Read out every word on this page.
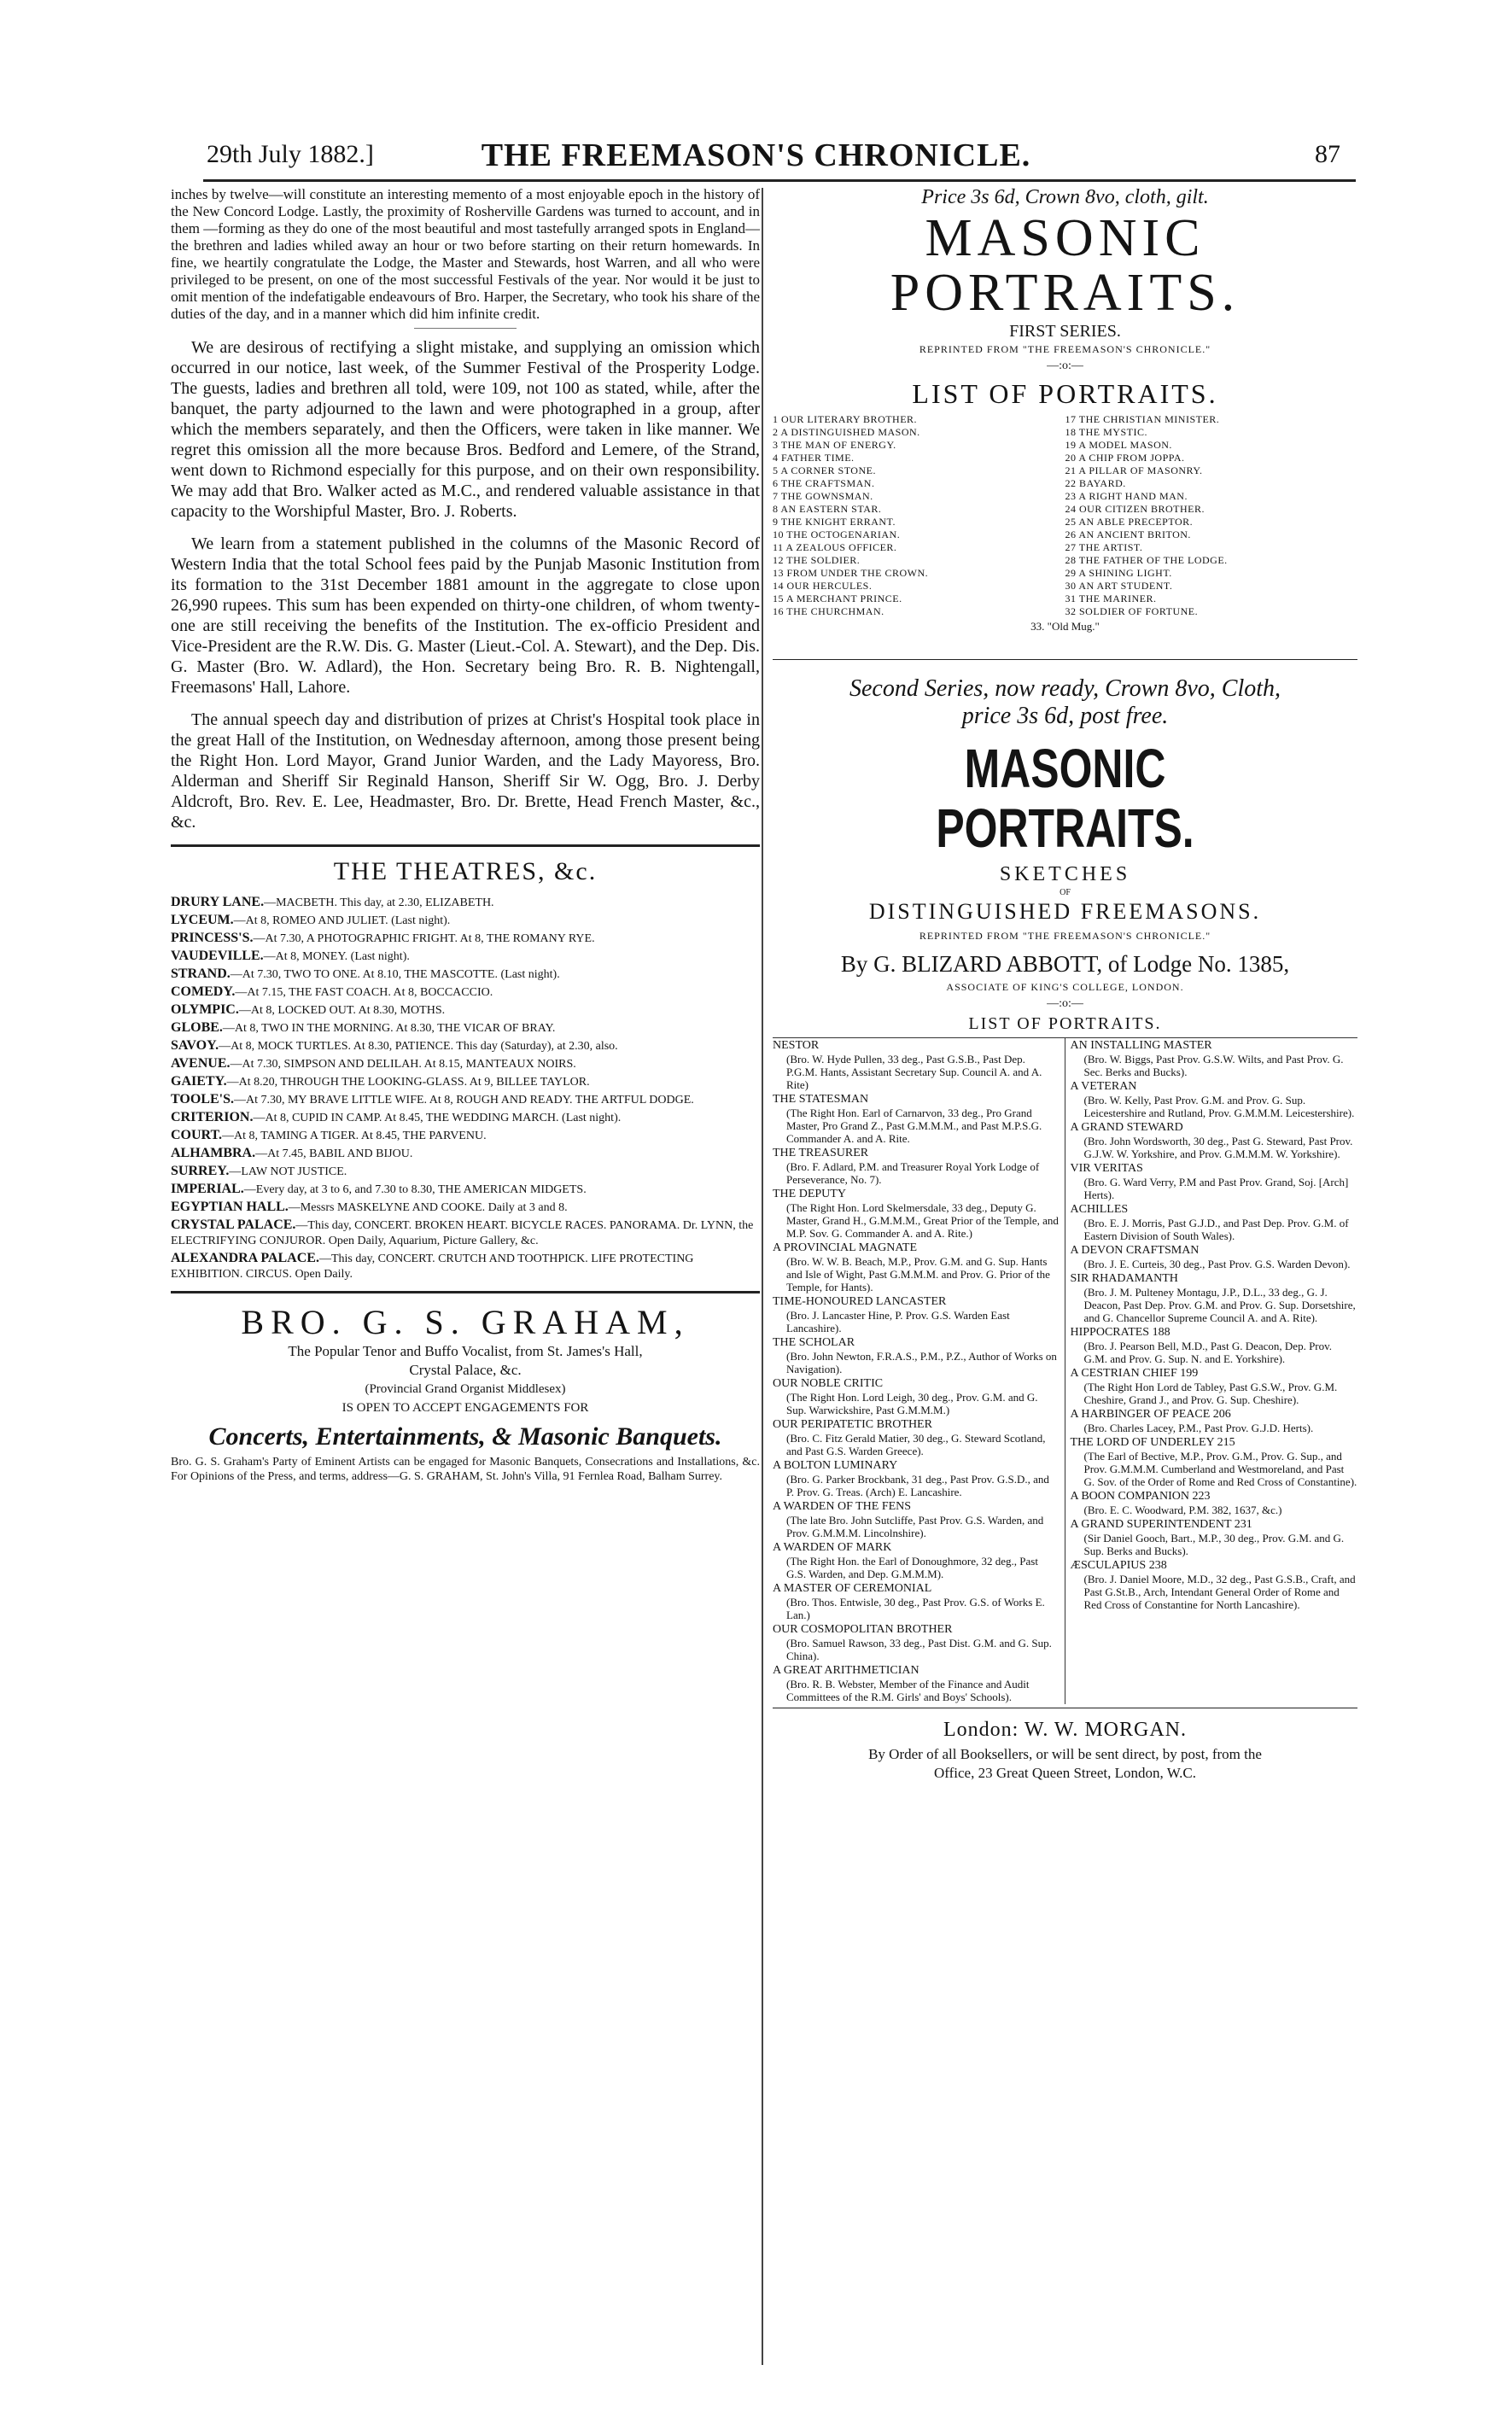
29th July 1882.]	THE FREEMASON'S CHRONICLE.	87

inches by twelve—will constitute an interesting memento of a most enjoyable epoch in the history of the New Concord Lodge. Lastly, the proximity of Rosherville Gardens was turned to account, and in them —forming as they do one of the most beautiful and most tastefully arranged spots in England—the brethren and ladies whiled away an hour or two before starting on their return homewards. In fine, we heartily congratulate the Lodge, the Master and Stewards, host Warren, and all who were privileged to be present, on one of the most successful Festivals of the year. Nor would it be just to omit mention of the indefatigable endeavours of Bro. Harper, the Secretary, who took his share of the duties of the day, and in a manner which did him infinite credit.

We are desirous of rectifying a slight mistake, and supplying an omission which occurred in our notice, last week, of the Summer Festival of the Prosperity Lodge. The guests, ladies and brethren all told, were 109, not 100 as stated, while, after the banquet, the party adjourned to the lawn and were photographed in a group, after which the members separately, and then the Officers, were taken in like manner. We regret this omission all the more because Bros. Bedford and Lemere, of the Strand, went down to Richmond especially for this purpose, and on their own responsibility. We may add that Bro. Walker acted as M.C., and rendered valuable assistance in that capacity to the Worshipful Master, Bro. J. Roberts.

We learn from a statement published in the columns of the Masonic Record of Western India that the total School fees paid by the Punjab Masonic Institution from its formation to the 31st December 1881 amount in the aggregate to close upon 26,990 rupees. This sum has been expended on thirty-one children, of whom twenty-one are still receiving the benefits of the Institution. The ex-officio President and Vice-President are the R.W. Dis. G. Master (Lieut.-Col. A. Stewart), and the Dep. Dis. G. Master (Bro. W. Adlard), the Hon. Secretary being Bro. R. B. Nightengall, Freemasons' Hall, Lahore.

The annual speech day and distribution of prizes at Christ's Hospital took place in the great Hall of the Institution, on Wednesday afternoon, among those present being the Right Hon. Lord Mayor, Grand Junior Warden, and the Lady Mayoress, Bro. Alderman and Sheriff Sir Reginald Hanson, Sheriff Sir W. Ogg, Bro. J. Derby Aldcroft, Bro. Rev. E. Lee, Headmaster, Bro. Dr. Brette, Head French Master, &c., &c.

THE THEATRES, &c.

DRURY LANE.—MACBETH. This day, at 2.30, ELIZABETH.

LYCEUM.—At 8, ROMEO AND JULIET. (Last night).

PRINCESS'S.—At 7.30, A PHOTOGRAPHIC FRIGHT. At 8, THE ROMANY RYE.

VAUDEVILLE.—At 8, MONEY. (Last night).

STRAND.—At 7.30, TWO TO ONE. At 8.10, THE MASCOTTE. (Last night).

COMEDY.—At 7.15, THE FAST COACH. At 8, BOCCACCIO.

OLYMPIC.—At 8, LOCKED OUT. At 8.30, MOTHS.

GLOBE.—At 8, TWO IN THE MORNING. At 8.30, THE VICAR OF BRAY.

SAVOY.—At 8, MOCK TURTLES. At 8.30, PATIENCE. This day (Saturday), at 2.30, also.

AVENUE.—At 7.30, SIMPSON AND DELILAH. At 8.15, MANTEAUX NOIRS.

GAIETY.—At 8.20, THROUGH THE LOOKING-GLASS. At 9, BILLEE TAYLOR.

TOOLE'S.—At 7.30, MY BRAVE LITTLE WIFE. At 8, ROUGH AND READY. THE ARTFUL DODGE.

CRITERION.—At 8, CUPID IN CAMP. At 8.45, THE WEDDING MARCH. (Last night).

COURT.—At 8, TAMING A TIGER. At 8.45, THE PARVENU.

ALHAMBRA.—At 7.45, BABIL AND BIJOU.

SURREY.—LAW NOT JUSTICE.

IMPERIAL.—Every day, at 3 to 6, and 7.30 to 8.30, THE AMERICAN MIDGETS.

EGYPTIAN HALL.—Messrs MASKELYNE AND COOKE. Daily at 3 and 8.

CRYSTAL PALACE.—This day, CONCERT. BROKEN HEART. BICYCLE RACES. PANORAMA. Dr. LYNN, the ELECTRIFYING CONJUROR. Open Daily, Aquarium, Picture Gallery, &c.

ALEXANDRA PALACE.—This day, CONCERT. CRUTCH AND TOOTHPICK. LIFE PROTECTING EXHIBITION. CIRCUS. Open Daily.

BRO. G. S. GRAHAM,

The Popular Tenor and Buffo Vocalist, from St. James's Hall,

Crystal Palace, &c.

(Provincial Grand Organist Middlesex)

IS OPEN TO ACCEPT ENGAGEMENTS FOR

Concerts, Entertainments, & Masonic Banquets.

Bro. G. S. Graham's Party of Eminent Artists can be engaged for Masonic Banquets, Consecrations and Installations, &c. For Opinions of the Press, and terms, address—G. S. GRAHAM, St. John's Villa, 91 Fernlea Road, Balham Surrey.

Price 3s 6d, Crown 8vo, cloth, gilt.

MASONIC PORTRAITS.

FIRST SERIES.

REPRINTED FROM "THE FREEMASON'S CHRONICLE."

—:o:—

LIST OF PORTRAITS.

1 OUR LITERARY BROTHER.

2 A DISTINGUISHED MASON.

3 THE MAN OF ENERGY.

4 FATHER TIME.

5 A CORNER STONE.

6 THE CRAFTSMAN.

7 THE GOWNSMAN.

8 AN EASTERN STAR.

9 THE KNIGHT ERRANT.

10 THE OCTOGENARIAN.

11 A ZEALOUS OFFICER.

12 THE SOLDIER.

13 FROM UNDER THE CROWN.

14 OUR HERCULES.

15 A MERCHANT PRINCE.

16 THE CHURCHMAN.

17 THE CHRISTIAN MINISTER.

18 THE MYSTIC.

19 A MODEL MASON.

20 A CHIP FROM JOPPA.

21 A PILLAR OF MASONRY.

22 BAYARD.

23 A RIGHT HAND MAN.

24 OUR CITIZEN BROTHER.

25 AN ABLE PRECEPTOR.

26 AN ANCIENT BRITON.

27 THE ARTIST.

28 THE FATHER OF THE LODGE.

29 A SHINING LIGHT.

30 AN ART STUDENT.

31 THE MARINER.

32 SOLDIER OF FORTUNE.

33. "Old Mug."

Second Series, now ready, Crown 8vo, Cloth,

price 3s 6d, post free.

MASONIC PORTRAITS.

SKETCHES

OF

DISTINGUISHED FREEMASONS.

REPRINTED FROM "THE FREEMASON'S CHRONICLE."

By G. BLIZARD ABBOTT, of Lodge No. 1385,

ASSOCIATE OF KING'S COLLEGE, LONDON.

—:o:—

LIST OF PORTRAITS.

NESTOR

(Bro. W. Hyde Pullen, 33 deg., Past G.S.B., Past Dep. P.G.M. Hants, Assistant Secretary Sup. Council A. and A. Rite)

THE STATESMAN

(The Right Hon. Earl of Carnarvon, 33 deg., Pro Grand Master, Pro Grand Z., Past G.M.M.M., and Past M.P.S.G. Commander A. and A. Rite.

THE TREASURER

(Bro. F. Adlard, P.M. and Treasurer Royal York Lodge of Perseverance, No. 7).

THE DEPUTY

(The Right Hon. Lord Skelmersdale, 33 deg., Deputy G. Master, Grand H., G.M.M.M., Great Prior of the Temple, and M.P. Sov. G. Commander A. and A. Rite.)

A PROVINCIAL MAGNATE

(Bro. W. W. B. Beach, M.P., Prov. G.M. and G. Sup. Hants and Isle of Wight, Past G.M.M.M. and Prov. G. Prior of the Temple, for Hants).

TIME-HONOURED LANCASTER

(Bro. J. Lancaster Hine, P. Prov. G.S. Warden East Lancashire).

THE SCHOLAR

(Bro. John Newton, F.R.A.S., P.M., P.Z., Author of Works on Navigation).

OUR NOBLE CRITIC

(The Right Hon. Lord Leigh, 30 deg., Prov. G.M. and G. Sup. Warwickshire, Past G.M.M.M.)

OUR PERIPATETIC BROTHER

(Bro. C. Fitz Gerald Matier, 30 deg., G. Steward Scotland, and Past G.S. Warden Greece).

A BOLTON LUMINARY

(Bro. G. Parker Brockbank, 31 deg., Past Prov. G.S.D., and P. Prov. G. Treas. (Arch) E. Lancashire.

A WARDEN OF THE FENS

(The late Bro. John Sutcliffe, Past Prov. G.S. Warden, and Prov. G.M.M.M. Lincolnshire).

A WARDEN OF MARK

(The Right Hon. the Earl of Donoughmore, 32 deg., Past G.S. Warden, and Dep. G.M.M.M).

A MASTER OF CEREMONIAL

(Bro. Thos. Entwisle, 30 deg., Past Prov. G.S. of Works E. Lan.)

OUR COSMOPOLITAN BROTHER

(Bro. Samuel Rawson, 33 deg., Past Dist. G.M. and G. Sup. China).

A GREAT ARITHMETICIAN

(Bro. R. B. Webster, Member of the Finance and Audit Committees of the R.M. Girls' and Boys' Schools).

AN INSTALLING MASTER

(Bro. W. Biggs, Past Prov. G.S.W. Wilts, and Past Prov. G. Sec. Berks and Bucks).

A VETERAN

(Bro. W. Kelly, Past Prov. G.M. and Prov. G. Sup. Leicestershire and Rutland, Prov. G.M.M.M. Leicestershire).

A GRAND STEWARD

(Bro. John Wordsworth, 30 deg., Past G. Steward, Past Prov. G.J.W. W. Yorkshire, and Prov. G.M.M.M. W. Yorkshire).

VIR VERITAS

(Bro. G. Ward Verry, P.M and Past Prov. Grand, Soj. [Arch] Herts).

ACHILLES

(Bro. E. J. Morris, Past G.J.D., and Past Dep. Prov. G.M. of Eastern Division of South Wales).

A DEVON CRAFTSMAN

(Bro. J. E. Curteis, 30 deg., Past Prov. G.S. Warden Devon).

SIR RHADAMANTH

(Bro. J. M. Pulteney Montagu, J.P., D.L., 33 deg., G. J. Deacon, Past Dep. Prov. G.M. and Prov. G. Sup. Dorsetshire, and G. Chancellor Supreme Council A. and A. Rite).

HIPPOCRATES 188

(Bro. J. Pearson Bell, M.D., Past G. Deacon, Dep. Prov. G.M. and Prov. G. Sup. N. and E. Yorkshire).

A CESTRIAN CHIEF 199

(The Right Hon Lord de Tabley, Past G.S.W., Prov. G.M. Cheshire, Grand J., and Prov. G. Sup. Cheshire).

A HARBINGER OF PEACE 206

(Bro. Charles Lacey, P.M., Past Prov. G.J.D. Herts).

THE LORD OF UNDERLEY 215

(The Earl of Bective, M.P., Prov. G.M., Prov. G. Sup., and Prov. G.M.M.M. Cumberland and Westmoreland, and Past G. Sov. of the Order of Rome and Red Cross of Constantine).

A BOON COMPANION 223

(Bro. E. C. Woodward, P.M. 382, 1637, &c.)

A GRAND SUPERINTENDENT 231

(Sir Daniel Gooch, Bart., M.P., 30 deg., Prov. G.M. and G. Sup. Berks and Bucks).

ÆSCULAPIUS 238

(Bro. J. Daniel Moore, M.D., 32 deg., Past G.S.B., Craft, and Past G.St.B., Arch, Intendant General Order of Rome and Red Cross of Constantine for North Lancashire).

London: W. W. MORGAN.

By Order of all Booksellers, or will be sent direct, by post, from the

Office, 23 Great Queen Street, London, W.C.
